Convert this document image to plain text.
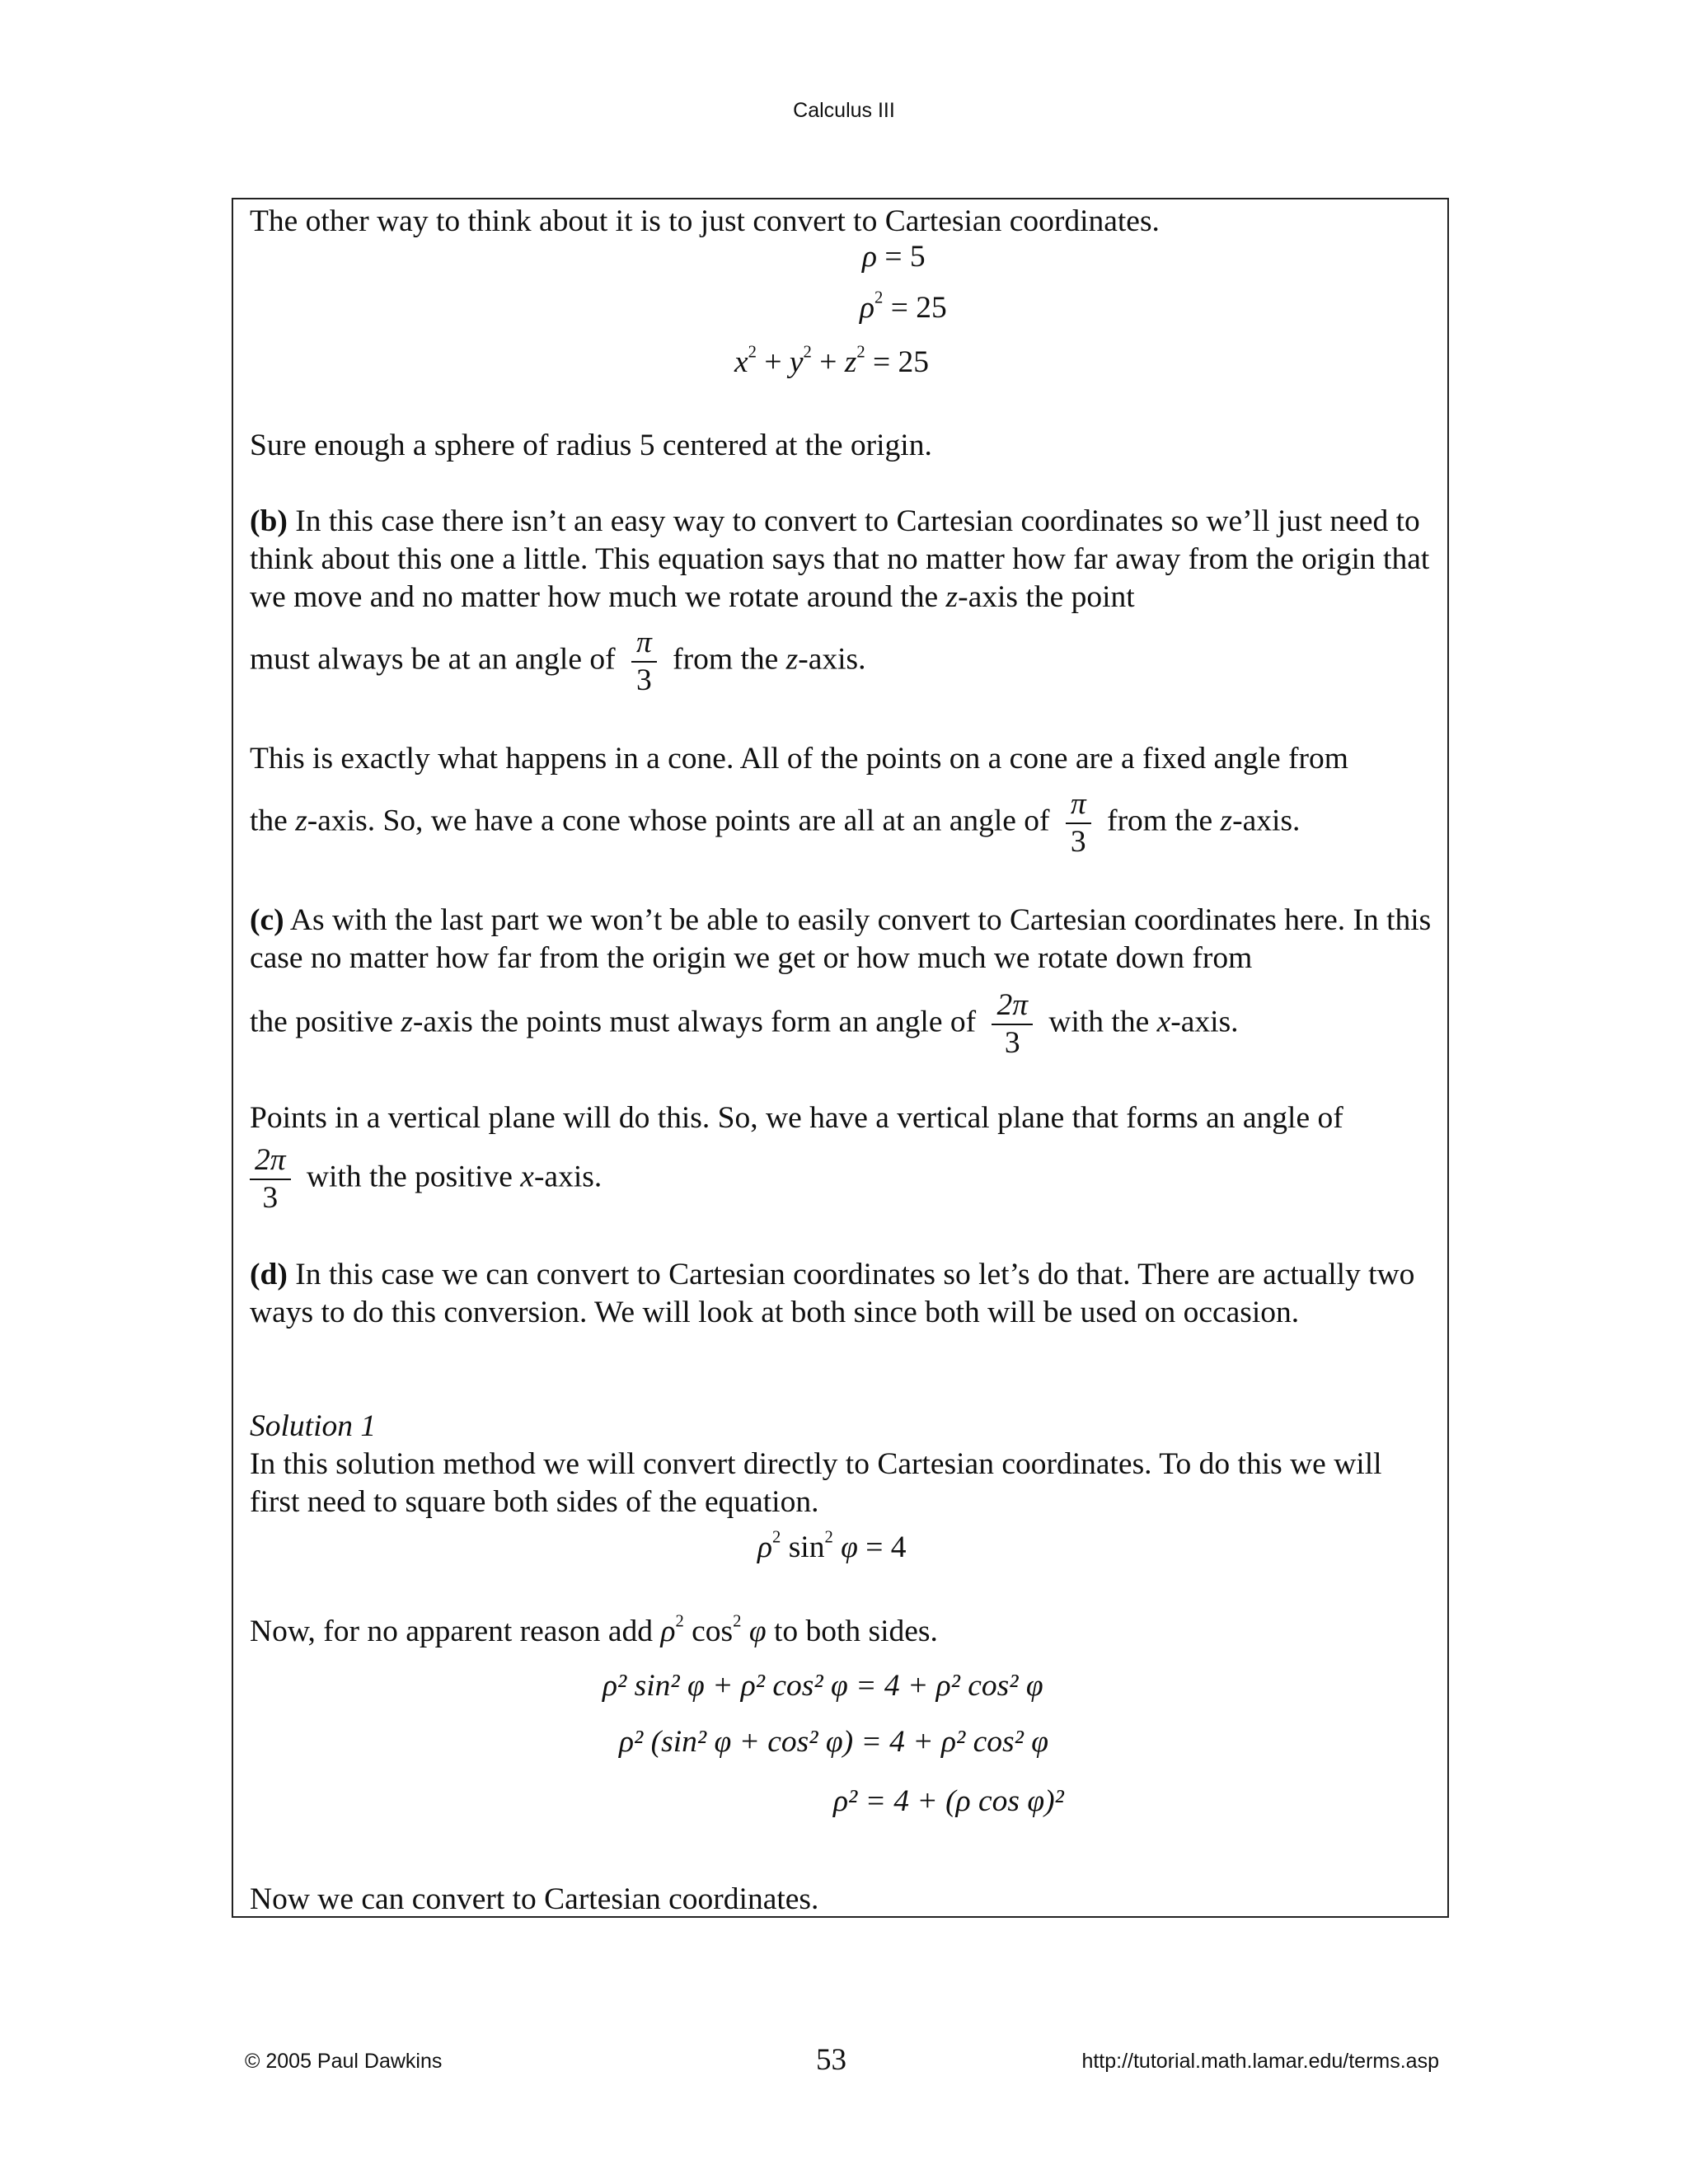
Calculus III

The other way to think about it is to just convert to Cartesian coordinates.

ρ = 5
$\rho^2 = 25$
$x^2 + y^2 + z^2 = 25$

Sure enough a sphere of radius 5 centered at the origin.

(b) In this case there isn’t an easy way to convert to Cartesian coordinates so we’ll just need to think about this one a little. This equation says that no matter how far away from the origin that we move and no matter how much we rotate around the z-axis the point

must always be at an angle of $\frac{\pi}{3}$ from the z-axis.

This is exactly what happens in a cone. All of the points on a cone are a fixed angle from

the z-axis. So, we have a cone whose points are all at an angle of $\frac{\pi}{3}$ from the z-axis.

(c) As with the last part we won’t be able to easily convert to Cartesian coordinates here. In this case no matter how far from the origin we get or how much we rotate down from

the positive z-axis the points must always form an angle of $\frac{2\pi}{3}$ with the x-axis.

Points in a vertical plane will do this. So, we have a vertical plane that forms an angle of

$\frac{2\pi}{3}$ with the positive x-axis.

(d) In this case we can convert to Cartesian coordinates so let’s do that. There are actually two ways to do this conversion. We will look at both since both will be used on occasion.

Solution 1

In this solution method we will convert directly to Cartesian coordinates. To do this we will first need to square both sides of the equation.

$\rho^2$ $\sin^2 \varphi = 4$
Now, for no apparent reason add $\rho^2$ $\cos^2 \varphi$ to both sides.
ρ² sin² φ + ρ² cos² φ = 4 + ρ² cos² φ
ρ² (sin² φ + cos² φ) = 4 + ρ² cos² φ
ρ² = 4 + (ρ cos φ)²

Now we can convert to Cartesian coordinates.

© 2005 Paul Dawkins	53	http://tutorial.math.lamar.edu/terms.asp
